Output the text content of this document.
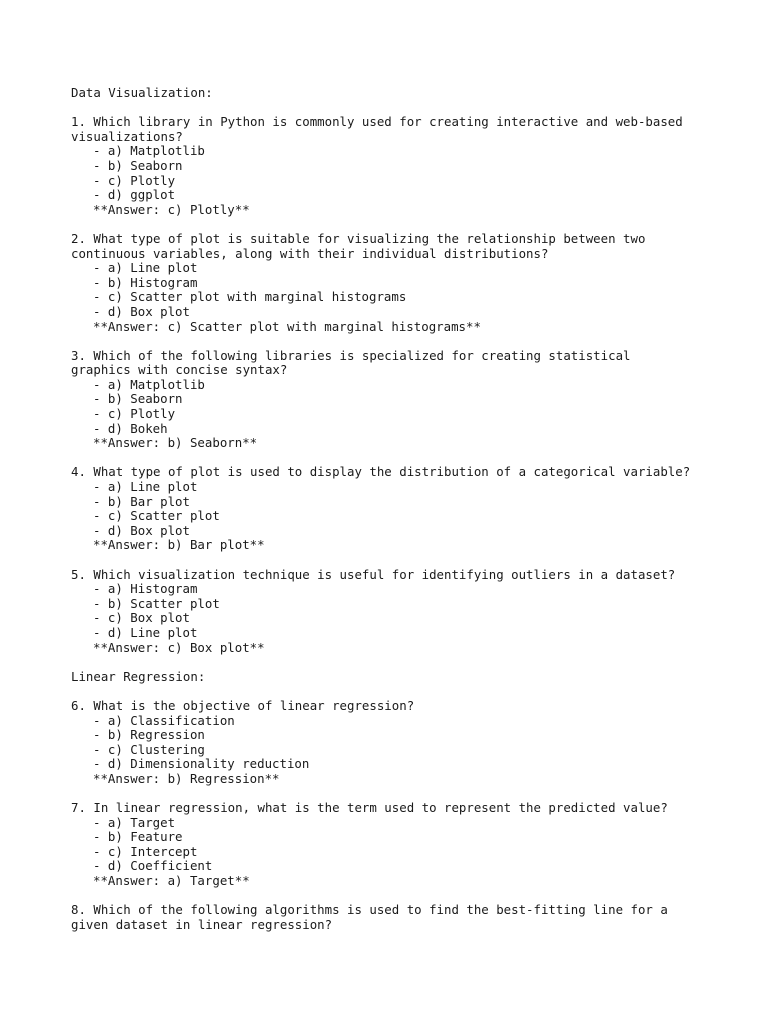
Data Visualization:
1. Which library in Python is commonly used for creating interactive and web-based
visualizations?
- a) Matplotlib
- b) Seaborn
- c) Plotly
- d) ggplot
**Answer: c) Plotly**
2. What type of plot is suitable for visualizing the relationship between two
continuous variables, along with their individual distributions?
- a) Line plot
- b) Histogram
- c) Scatter plot with marginal histograms
- d) Box plot
**Answer: c) Scatter plot with marginal histograms**
3. Which of the following libraries is specialized for creating statistical
graphics with concise syntax?
- a) Matplotlib
- b) Seaborn
- c) Plotly
- d) Bokeh
**Answer: b) Seaborn**
4. What type of plot is used to display the distribution of a categorical variable?
- a) Line plot
- b) Bar plot
- c) Scatter plot
- d) Box plot
**Answer: b) Bar plot**
5. Which visualization technique is useful for identifying outliers in a dataset?
- a) Histogram
- b) Scatter plot
- c) Box plot
- d) Line plot
**Answer: c) Box plot**
Linear Regression:
6. What is the objective of linear regression?
- a) Classification
- b) Regression
- c) Clustering
- d) Dimensionality reduction
**Answer: b) Regression**
7. In linear regression, what is the term used to represent the predicted value?
- a) Target
- b) Feature
- c) Intercept
- d) Coefficient
**Answer: a) Target**
8. Which of the following algorithms is used to find the best-fitting line for a
given dataset in linear regression?
